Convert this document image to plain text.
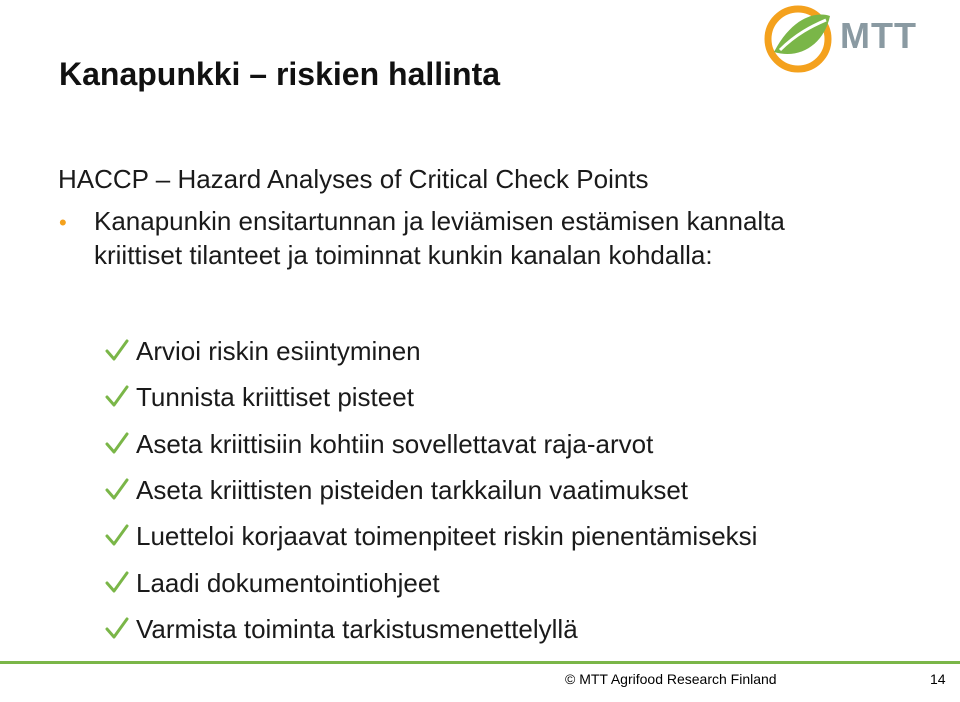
MTT
Kanapunkki – riskien hallinta

HACCP – Hazard Analyses of Critical Check Points

• Kanapunkin ensitartunnan ja leviämisen estämisen kannalta kriittiset tilanteet ja toiminnat kunkin kanalan kohdalla:

Arvioi riskin esiintyminen
Tunnista kriittiset pisteet
Aseta kriittisiin kohtiin sovellettavat raja-arvot
Aseta kriittisten pisteiden tarkkailun vaatimukset
Luetteloi korjaavat toimenpiteet riskin pienentämiseksi
Laadi dokumentointiohjeet
Varmista toiminta tarkistusmenettelyllä
© MTT Agrifood Research Finland	14
